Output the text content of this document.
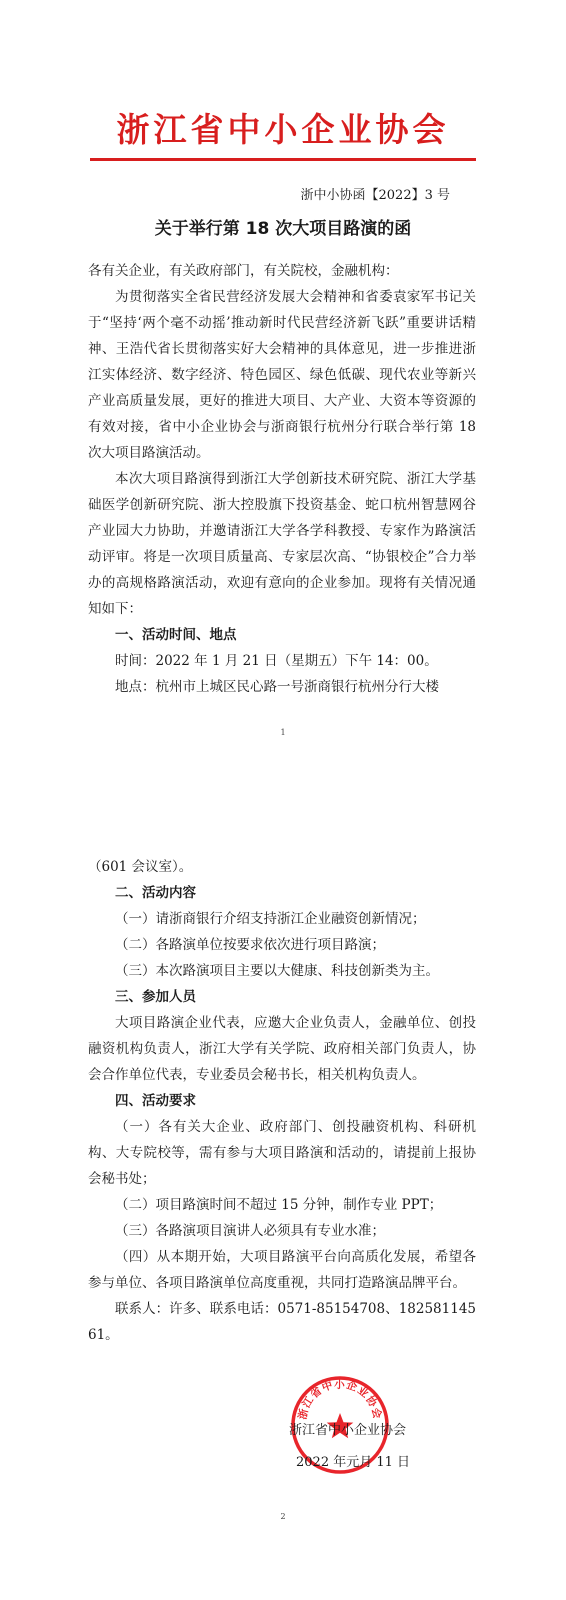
浙江省中小企业协会
浙中小协函【2022】3 号
关于举行第 18 次大项目路演的函

各有关企业，有关政府部门，有关院校，金融机构：

为贯彻落实全省民营经济发展大会精神和省委袁家军书记关于“坚持‘两个毫不动摇’推动新时代民营经济新飞跃”重要讲话精神、王浩代省长贯彻落实好大会精神的具体意见，进一步推进浙江实体经济、数字经济、特色园区、绿色低碳、现代农业等新兴产业高质量发展，更好的推进大项目、大产业、大资本等资源的有效对接，省中小企业协会与浙商银行杭州分行联合举行第 18 次大项目路演活动。

本次大项目路演得到浙江大学创新技术研究院、浙江大学基础医学创新研究院、浙大控股旗下投资基金、蛇口杭州智慧网谷产业园大力协助，并邀请浙江大学各学科教授、专家作为路演活动评审。将是一次项目质量高、专家层次高、“协银校企”合力举办的高规格路演活动，欢迎有意向的企业参加。现将有关情况通知如下：

一、活动时间、地点

时间：2022 年 1 月 21 日（星期五）下午 14：00。

地点：杭州市上城区民心路一号浙商银行杭州分行大楼

1

（601 会议室）。

二、活动内容

（一）请浙商银行介绍支持浙江企业融资创新情况；

（二）各路演单位按要求依次进行项目路演；

（三）本次路演项目主要以大健康、科技创新类为主。

三、参加人员

大项目路演企业代表，应邀大企业负责人，金融单位、创投融资机构负责人，浙江大学有关学院、政府相关部门负责人，协会合作单位代表，专业委员会秘书长，相关机构负责人。

四、活动要求

（一）各有关大企业、政府部门、创投融资机构、科研机构、大专院校等，需有参与大项目路演和活动的，请提前上报协会秘书处；

（二）项目路演时间不超过 15 分钟，制作专业 PPT；

（三）各路演项目演讲人必须具有专业水准；

（四）从本期开始，大项目路演平台向高质化发展，希望各参与单位、各项目路演单位高度重视，共同打造路演品牌平台。

联系人：许多、联系电话：0571-85154708、18258114561。

浙江省中小企业协会
浙江省中小企业协会
2022 年元月 11 日
2
